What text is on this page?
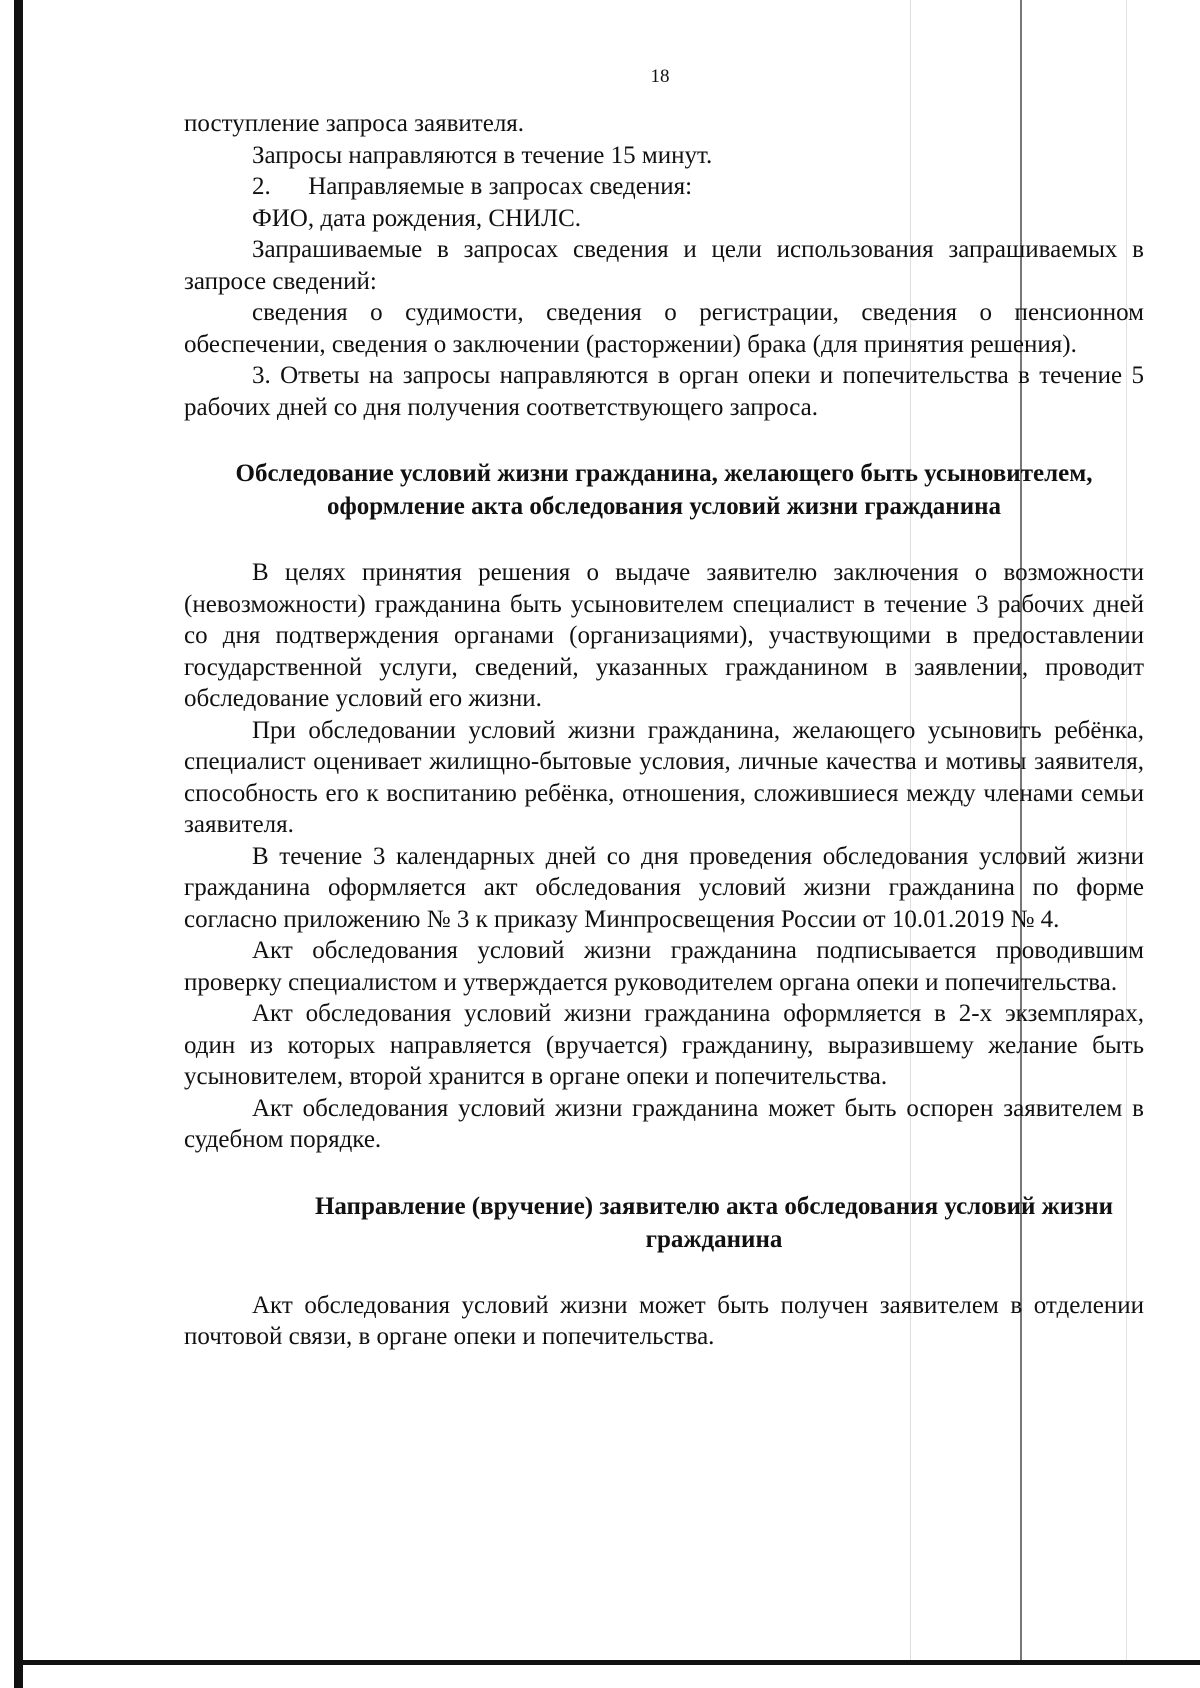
18

поступление запроса заявителя.

Запросы направляются в течение 15 минут.

2.      Направляемые в запросах сведения:

ФИО, дата рождения, СНИЛС.

Запрашиваемые в запросах сведения и цели использования запрашиваемых в запросе сведений:

сведения о судимости, сведения о регистрации, сведения о пенсионном обеспечении, сведения о заключении (расторжении) брака (для принятия решения).

3. Ответы на запросы направляются в орган опеки и попечительства в течение 5 рабочих дней со дня получения соответствующего запроса.

Обследование условий жизни гражданина, желающего быть усыновителем, оформление акта обследования условий жизни гражданина

В целях принятия решения о выдаче заявителю заключения о возможности (невозможности) гражданина быть усыновителем специалист в течение 3 рабочих дней со дня подтверждения органами (организациями), участвующими в предоставлении государственной услуги, сведений, указанных гражданином в заявлении, проводит обследование условий его жизни.

При обследовании условий жизни гражданина, желающего усыновить ребёнка, специалист оценивает жилищно-бытовые условия, личные качества и мотивы заявителя, способность его к воспитанию ребёнка, отношения, сложившиеся между членами семьи заявителя.

В течение 3 календарных дней со дня проведения обследования условий жизни гражданина оформляется акт обследования условий жизни гражданина по форме согласно приложению № 3 к приказу Минпросвещения России от 10.01.2019 № 4.

Акт обследования условий жизни гражданина подписывается проводившим проверку специалистом и утверждается руководителем органа опеки и попечительства.

Акт обследования условий жизни гражданина оформляется в 2-х экземплярах, один из которых направляется (вручается) гражданину, выразившему желание быть усыновителем, второй хранится в органе опеки и попечительства.

Акт обследования условий жизни гражданина может быть оспорен заявителем в судебном порядке.

Направление (вручение) заявителю акта обследования условий жизни гражданина

Акт обследования условий жизни может быть получен заявителем в отделении почтовой связи, в органе опеки и попечительства.
